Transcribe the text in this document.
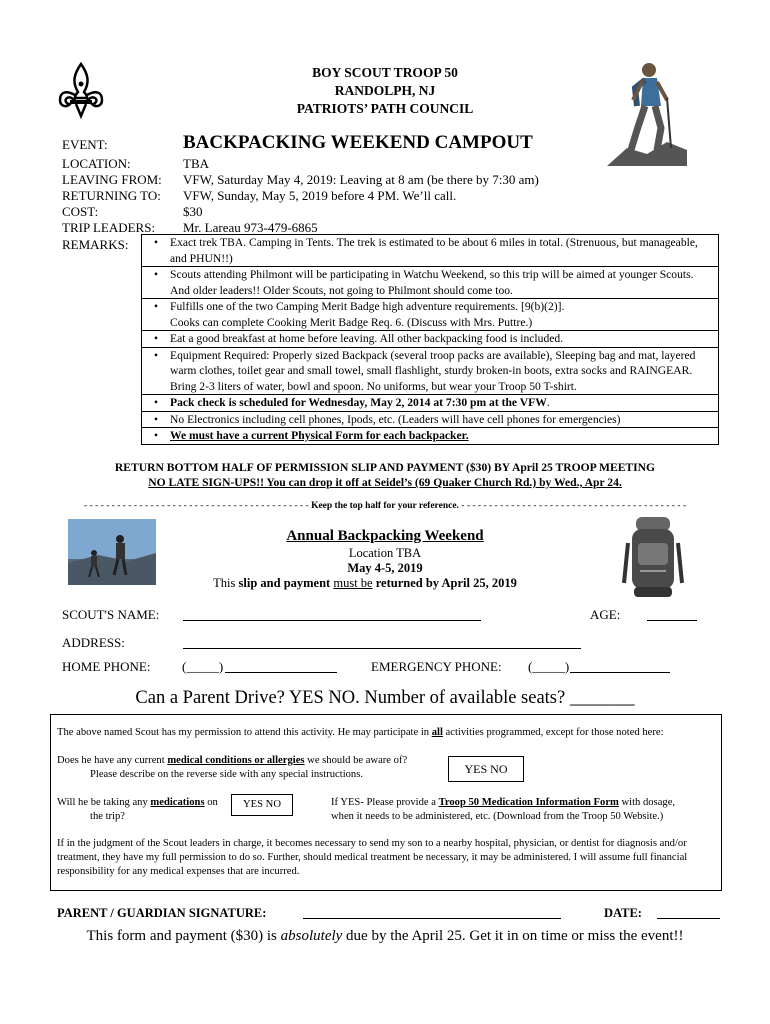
BOY SCOUT TROOP 50
RANDOLPH, NJ
PATRIOTS’ PATH COUNCIL
EVENT:	BACKPACKING WEEKEND CAMPOUT
LOCATION:	TBA
LEAVING FROM: VFW, Saturday May 4, 2019: Leaving at 8 am (be there by 7:30 am)
RETURNING TO: VFW, Sunday, May 5, 2019 before 4 PM. We’ll call.
COST:	$30
TRIP LEADERS: Mr. Lareau 973-479-6865
REMARKS:	•	Exact trek TBA. Camping in Tents. The trek is estimated to be about 6 miles in total. (Strenuous, but manageable, and PHUN!!)
•	Scouts attending Philmont will be participating in Watchu Weekend, so this trip will be aimed at younger Scouts. And older leaders!! Older Scouts, not going to Philmont should come too.
•	Fulfills one of the two Camping Merit Badge high adventure requirements. [9(b)(2)].
Cooks can complete Cooking Merit Badge Req. 6. (Discuss with Mrs. Puttre.)
•	Eat a good breakfast at home before leaving. All other backpacking food is included.
•	Equipment Required: Properly sized Backpack (several troop packs are available), Sleeping bag and mat, layered warm clothes, toilet gear and small towel, small flashlight, sturdy broken-in boots, extra socks and RAINGEAR. Bring 2-3 liters of water, bowl and spoon. No uniforms, but wear your Troop 50 T-shirt.
•	Pack check is scheduled for Wednesday, May 2, 2014 at 7:30 pm at the VFW.
•	No Electronics including cell phones, Ipods, etc. (Leaders will have cell phones for emergencies)
•	We must have a current Physical Form for each backpacker.
RETURN BOTTOM HALF OF PERMISSION SLIP AND PAYMENT ($30) BY April 25 TROOP MEETING
NO LATE SIGN-UPS!! You can drop it off at Seidel’s (69 Quaker Church Rd.) by Wed., Apr 24.
- - - - - - - - - - - - - - - - - - - - - - - - - - - - - - - - - - - - - - - - -
Keep the top half for your reference.
- - - - - - - - - - - - - - - - - - - - - - - - - - - - - - - - - - - - - - - - -
Annual Backpacking Weekend
Location TBA
May 4-5, 2019
This slip and payment must be returned by April 25, 2019
SCOUT'S NAME:	AGE:
ADDRESS:
HOME PHONE: (_____)	EMERGENCY PHONE: (_____)
Can a Parent Drive? YES NO. Number of available seats? _______
The above named Scout has my permission to attend this activity. He may participate in all activities programmed, except for those noted here:
Does he have any current medical conditions or allergies we should be aware of?
Please describe on the reverse side with any special instructions.	YES NO
Will he be taking any medications on
the trip?
YES NO	If YES- Please provide a Troop 50 Medication Information Form with dosage,
when it needs to be administered, etc. (Download from the Troop 50 Website.)
If in the judgment of the Scout leaders in charge, it becomes necessary to send my son to a nearby hospital, physician, or dentist for diagnosis and/or treatment, they have my full permission to do so. Further, should medical treatment be necessary, it may be administered. I will assume full financial responsibility for any medical expenses that are incurred.
PARENT / GUARDIAN SIGNATURE:	DATE:
This form and payment ($30) is absolutely due by the April 25. Get it in on time or miss the event!!
